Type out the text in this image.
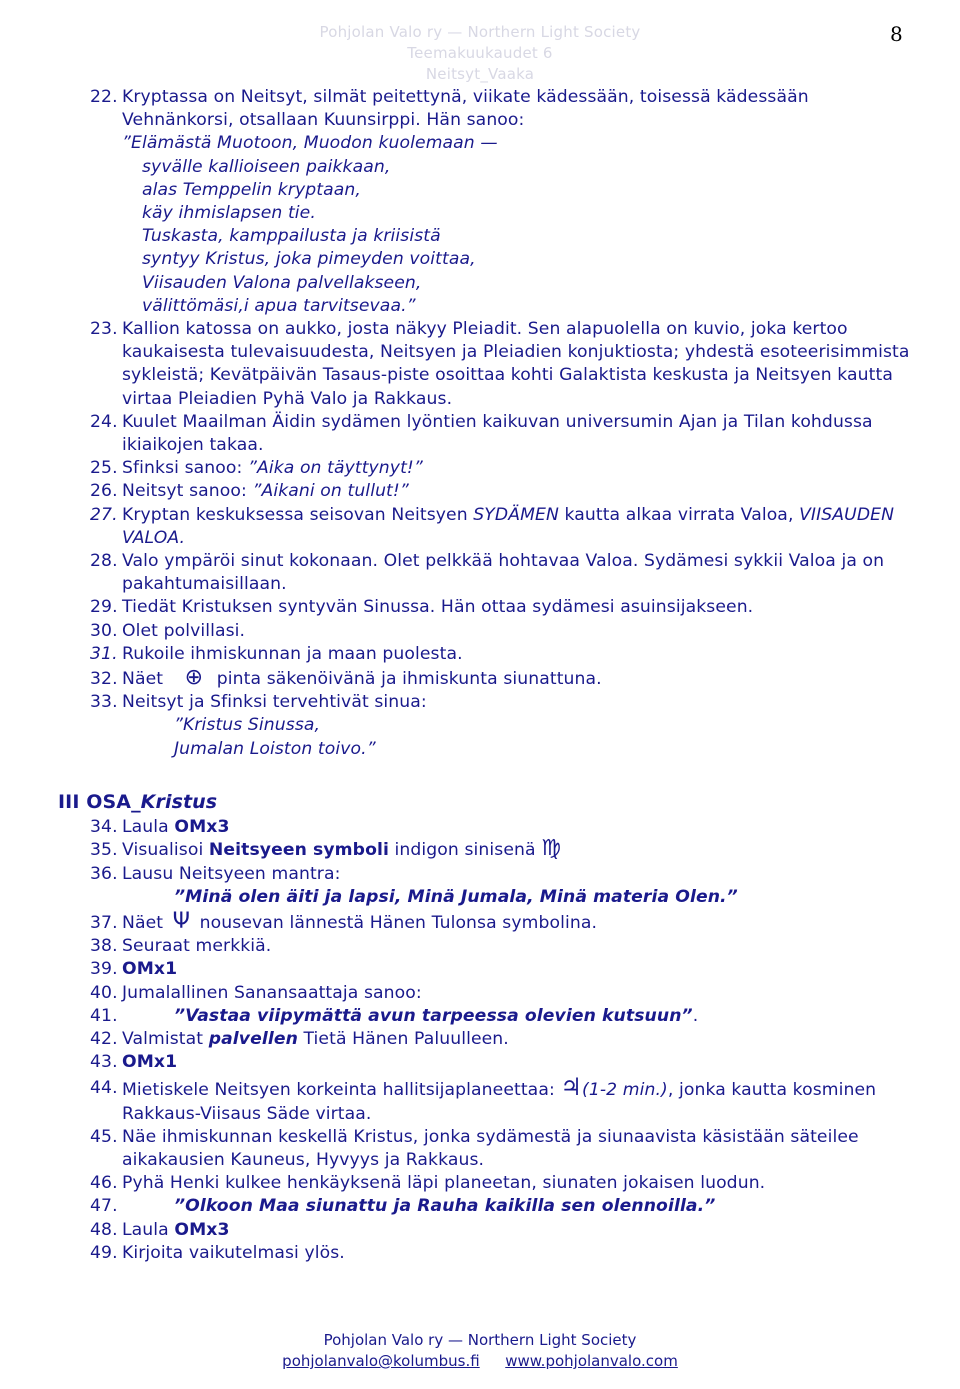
Pohjolan Valo ry — Northern Light Society
Teemakuukaudet 6
Neitsyt_Vaaka
8
22. Kryptassa on Neitsyt, silmät peitettynä, viikate kädessään, toisessä kädessään Vehnänkorsi, otsallaan Kuunsirppi. Hän sanoo:
”Elämästä Muotoon, Muodon kuolemaan —
syvälle kallioiseen paikkaan,
alas Temppelin kryptaan,
käy ihmislapsen tie.
Tuskasta, kamppailusta ja kriisistä
syntyy Kristus, joka pimeyden voittaa,
Viisauden Valona palvellakseen,
välittömäsi,i apua tarvitsevaa.”
23. Kallion katossa on aukko, josta näkyy Pleiadit. Sen alapuolella on kuvio, joka kertoo kaukaisesta tulevaisuudesta, Neitsyen ja Pleiadien konjuktiosta; yhdestä esoteerisimmista sykleistä; Kevätpäivän Tasaus-piste osoittaa kohti Galaktista keskusta ja Neitsyen kautta virtaa Pleiadien Pyhä Valo ja Rakkaus.
24. Kuulet Maailman Äidin sydämen lyöntien kaikuvan universumin Ajan ja Tilan kohdussa ikiaikojen takaa.
25. Sfinksi sanoo: ”Aika on täyttynyt!”
26. Neitsyt sanoo: ”Aikani on tullut!”
27. Kryptan keskuksessa seisovan Neitsyen SYDÄMEN kautta alkaa virrata Valoa, VIISAUDEN VALOA.
28. Valo ympäröi sinut kokonaan. Olet pelkkää hohtavaa Valoa. Sydämesi sykkii Valoa ja on pakahtumaisillaan.
29. Tiedät Kristuksen syntyvän Sinussa. Hän ottaa sydämesi asuinsijakseen.
30. Olet polvillasi.
31. Rukoile ihmiskunnan ja maan puolesta.
32. Näet ⊕ pinta säkenöivänä ja ihmiskunta siunattuna.
33. Neitsyt ja Sfinksi tervehtivät sinua:
”Kristus Sinussa,
Jumalan Loiston toivo.”
III OSA_Kristus
34. Laula OMx3
35. Visualisoi Neitsyeen symboli indigon sinisenä ♍
36. Lausu Neitsyeen mantra:
”Minä olen äiti ja lapsi, Minä Jumala, Minä materia Olen.”
37. Näet Ψ nousevan lännestä Hänen Tulonsa symbolina.
38. Seuraat merkkiä.
39. OMx1
40. Jumalallinen Sanansaattaja sanoo:
41.	”Vastaa viipymättä avun tarpeessa olevien kutsuun”.
42. Valmistat palvellen Tietä Hänen Paluulleen.
43. OMx1
44. Mietiskele Neitsyen korkeinta hallitsijaplaneettaa: ♃(1-2 min.), jonka kautta kosminen Rakkaus-Viisaus Säde virtaa.
45. Näe ihmiskunnan keskellä Kristus, jonka sydämestä ja siunaavista käsistään säteilee aikakausien Kauneus, Hyvyys ja Rakkaus.
46. Pyhä Henki kulkee henkäyksenä läpi planeetan, siunaten jokaisen luodun.
47.	”Olkoon Maa siunattu ja Rauha kaikilla sen olennoilla.”
48. Laula OMx3
49. Kirjoita vaikutelmasi ylös.
Pohjolan Valo ry — Northern Light Society
pohjolanvalo@kolumbus.fi www.pohjolanvalo.com
